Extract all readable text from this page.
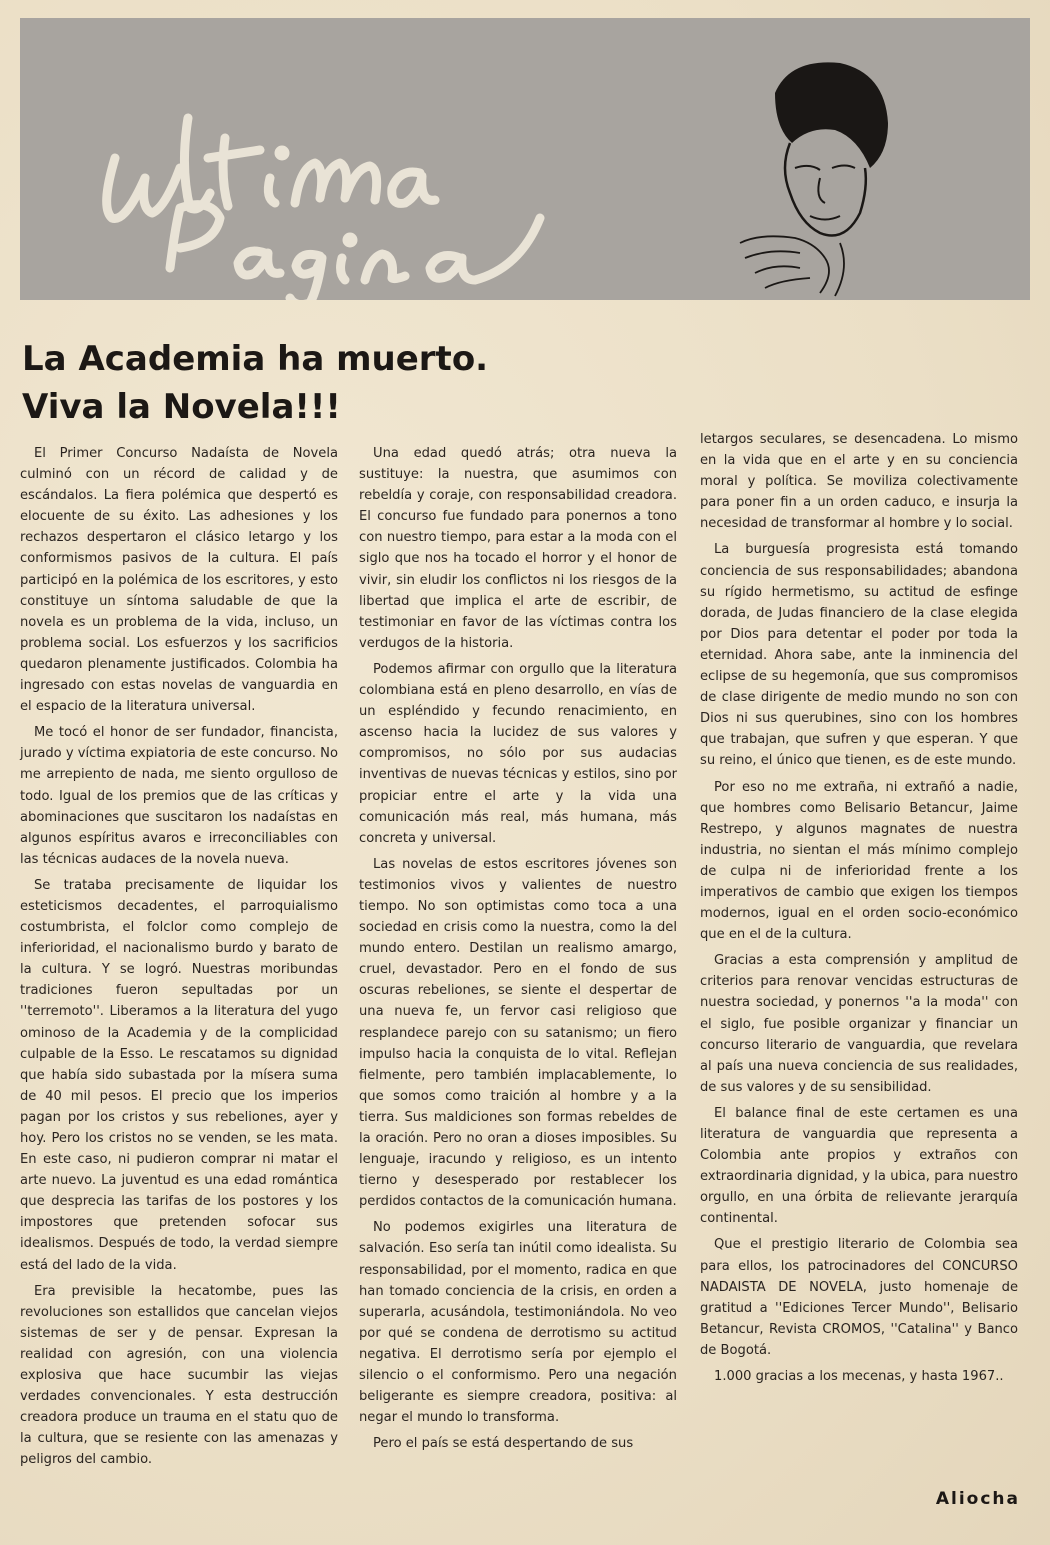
La Academia ha muerto.
Viva la Novela!!!

El Primer Concurso Nadaísta de Novela culminó con un récord de calidad y de escándalos. La fiera polémica que despertó es elocuente de su éxito. Las adhesiones y los rechazos despertaron el clásico letargo y los conformismos pasivos de la cultura. El país participó en la polémica de los escritores, y esto constituye un síntoma saludable de que la novela es un problema de la vida, incluso, un problema social. Los esfuerzos y los sacrificios quedaron plenamente justificados. Colombia ha ingresado con estas novelas de vanguardia en el espacio de la literatura universal.

Me tocó el honor de ser fundador, financista, jurado y víctima expiatoria de este concurso. No me arrepiento de nada, me siento orgulloso de todo. Igual de los premios que de las críticas y abominaciones que suscitaron los nadaístas en algunos espíritus avaros e irreconciliables con las técnicas audaces de la novela nueva.

Se trataba precisamente de liquidar los esteticismos decadentes, el parroquialismo costumbrista, el folclor como complejo de inferioridad, el nacionalismo burdo y barato de la cultura. Y se logró. Nuestras moribundas tradiciones fueron sepultadas por un ''terremoto''. Liberamos a la literatura del yugo ominoso de la Academia y de la complicidad culpable de la Esso. Le rescatamos su dignidad que había sido subastada por la mísera suma de 40 mil pesos. El precio que los imperios pagan por los cristos y sus rebeliones, ayer y hoy. Pero los cristos no se venden, se les mata. En este caso, ni pudieron comprar ni matar el arte nuevo. La juventud es una edad romántica que desprecia las tarifas de los postores y los impostores que pretenden sofocar sus idealismos. Después de todo, la verdad siempre está del lado de la vida.

Era previsible la hecatombe, pues las revoluciones son estallidos que cancelan viejos sistemas de ser y de pensar. Expresan la realidad con agresión, con una violencia explosiva que hace sucumbir las viejas verdades convencionales. Y esta destrucción creadora produce un trauma en el statu quo de la cultura, que se resiente con las amenazas y peligros del cambio.

Una edad quedó atrás; otra nueva la sustituye: la nuestra, que asumimos con rebeldía y coraje, con responsabilidad creadora. El concurso fue fundado para ponernos a tono con nuestro tiempo, para estar a la moda con el siglo que nos ha tocado el horror y el honor de vivir, sin eludir los conflictos ni los riesgos de la libertad que implica el arte de escribir, de testimoniar en favor de las víctimas contra los verdugos de la historia.

Podemos afirmar con orgullo que la literatura colombiana está en pleno desarrollo, en vías de un espléndido y fecundo renacimiento, en ascenso hacia la lucidez de sus valores y compromisos, no sólo por sus audacias inventivas de nuevas técnicas y estilos, sino por propiciar entre el arte y la vida una comunicación más real, más humana, más concreta y universal.

Las novelas de estos escritores jóvenes son testimonios vivos y valientes de nuestro tiempo. No son optimistas como toca a una sociedad en crisis como la nuestra, como la del mundo entero. Destilan un realismo amargo, cruel, devastador. Pero en el fondo de sus oscuras rebeliones, se siente el despertar de una nueva fe, un fervor casi religioso que resplandece parejo con su satanismo; un fiero impulso hacia la conquista de lo vital. Reflejan fielmente, pero también implacablemente, lo que somos como traición al hombre y a la tierra. Sus maldiciones son formas rebeldes de la oración. Pero no oran a dioses imposibles. Su lenguaje, iracundo y religioso, es un intento tierno y desesperado por restablecer los perdidos contactos de la comunicación humana.

No podemos exigirles una literatura de salvación. Eso sería tan inútil como idealista. Su responsabilidad, por el momento, radica en que han tomado conciencia de la crisis, en orden a superarla, acusándola, testimoniándola. No veo por qué se condena de derrotismo su actitud negativa. El derrotismo sería por ejemplo el silencio o el conformismo. Pero una negación beligerante es siempre creadora, positiva: al negar el mundo lo transforma.

Pero el país se está despertando de sus

letargos seculares, se desencadena. Lo mismo en la vida que en el arte y en su conciencia moral y política. Se moviliza colectivamente para poner fin a un orden caduco, e insurja la necesidad de transformar al hombre y lo social.

La burguesía progresista está tomando conciencia de sus responsabilidades; abandona su rígido hermetismo, su actitud de esfinge dorada, de Judas financiero de la clase elegida por Dios para detentar el poder por toda la eternidad. Ahora sabe, ante la inminencia del eclipse de su hegemonía, que sus compromisos de clase dirigente de medio mundo no son con Dios ni sus querubines, sino con los hombres que trabajan, que sufren y que esperan. Y que su reino, el único que tienen, es de este mundo.

Por eso no me extraña, ni extrañó a nadie, que hombres como Belisario Betancur, Jaime Restrepo, y algunos magnates de nuestra industria, no sientan el más mínimo complejo de culpa ni de inferioridad frente a los imperativos de cambio que exigen los tiempos modernos, igual en el orden socio-económico que en el de la cultura.

Gracias a esta comprensión y amplitud de criterios para renovar vencidas estructuras de nuestra sociedad, y ponernos ''a la moda'' con el siglo, fue posible organizar y financiar un concurso literario de vanguardia, que revelara al país una nueva conciencia de sus realidades, de sus valores y de su sensibilidad.

El balance final de este certamen es una literatura de vanguardia que representa a Colombia ante propios y extraños con extraordinaria dignidad, y la ubica, para nuestro orgullo, en una órbita de relievante jerarquía continental.

Que el prestigio literario de Colombia sea para ellos, los patrocinadores del CONCURSO NADAISTA DE NOVELA, justo homenaje de gratitud a ''Ediciones Tercer Mundo'', Belisario Betancur, Revista CROMOS, ''Catalina'' y Banco de Bogotá.

1.000 gracias a los mecenas, y hasta 1967..

Aliocha
